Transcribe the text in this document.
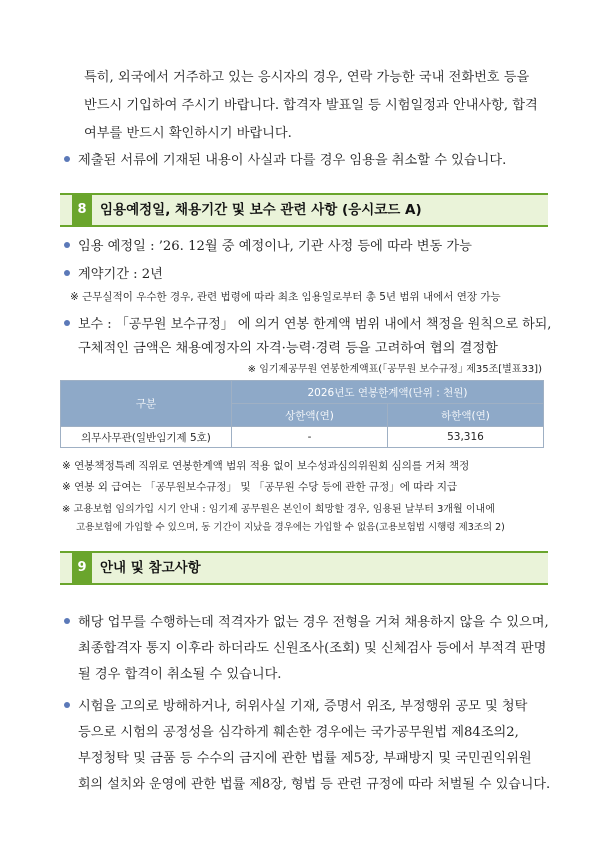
특히, 외국에서 거주하고 있는 응시자의 경우, 연락 가능한 국내 전화번호 등을
반드시 기입하여 주시기 바랍니다. 합격자 발표일 등 시험일정과 안내사항, 합격
여부를 반드시 확인하시기 바랍니다.
제출된 서류에 기재된 내용이 사실과 다를 경우 임용을 취소할 수 있습니다.
8 임용예정일, 채용기간 및 보수 관련 사항 (응시코드 A)
임용 예정일 : ’26. 12월 중 예정이나, 기관 사정 등에 따라 변동 가능
계약기간 : 2년
※ 근무실적이 우수한 경우, 관련 법령에 따라 최초 임용일로부터 총 5년 범위 내에서 연장 가능
보수 : 「공무원 보수규정」 에 의거 연봉 한계액 범위 내에서 책정을 원칙으로 하되,
구체적인 금액은 채용예정자의 자격·능력·경력 등을 고려하여 협의 결정함
※ 임기제공무원 연봉한계액표(｢공무원 보수규정｣ 제35조[별표33])
구분	2026년도 연봉한계액(단위 : 천원)	
	상한액(연)	하한액(연)
의무사무관(일반임기제 5호)	-	53,316
※ 연봉책정특례 직위로 연봉한계액 범위 적용 없이 보수성과심의위원회 심의를 거쳐 책정
※ 연봉 외 급여는 「공무원보수규정」 및 「공무원 수당 등에 관한 규정」에 따라 지급
※ 고용보험 임의가입 시기 안내 : 임기제 공무원은 본인이 희망할 경우, 임용된 날부터 3개월 이내에
고용보험에 가입할 수 있으며, 동 기간이 지났을 경우에는 가입할 수 없음(고용보험법 시행령 제3조의 2)
9 안내 및 참고사항
해당 업무를 수행하는데 적격자가 없는 경우 전형을 거쳐 채용하지 않을 수 있으며,
최종합격자 통지 이후라 하더라도 신원조사(조회) 및 신체검사 등에서 부적격 판명
될 경우 합격이 취소될 수 있습니다.
시험을 고의로 방해하거나, 허위사실 기재, 증명서 위조, 부정행위 공모 및 청탁
등으로 시험의 공정성을 심각하게 훼손한 경우에는 국가공무원법 제84조의2,
부정청탁 및 금품 등 수수의 금지에 관한 법률 제5장, 부패방지 및 국민권익위원
회의 설치와 운영에 관한 법률 제8장, 형법 등 관련 규정에 따라 처벌될 수 있습니다.
